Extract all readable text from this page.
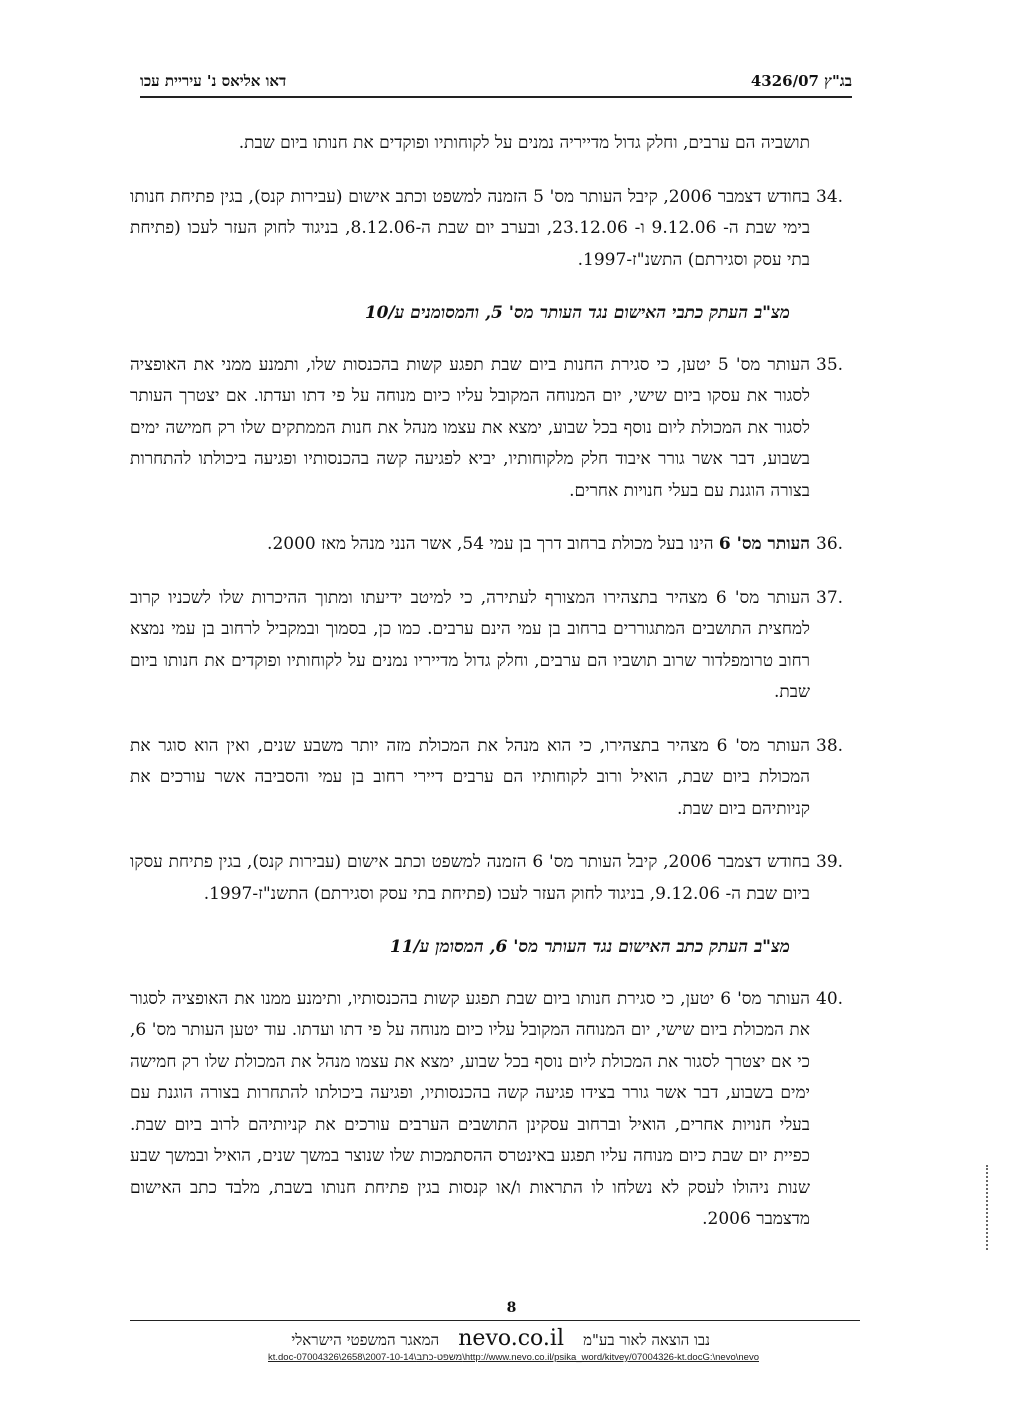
דאו אליאס נ' עיריית עכו	בג"ץ 4326/07

תושביה הם ערבים, וחלק גדול מדייריה נמנים על לקוחותיו ופוקדים את חנותו ביום שבת.

34.
בחודש דצמבר 2006, קיבל העותר מס' 5 הזמנה למשפט וכתב אישום (עבירות קנס), בגין פתיחת חנותו בימי שבת ה- 9.12.06 ו- 23.12.06, ובערב יום שבת ה-8.12.06, בניגוד לחוק העזר לעכו (פתיחת בתי עסק וסגירתם) התשנ"ז-1997.

מצ"ב העתק כתבי האישום נגד העותר מס' 5, והמסומנים ע/10

35.
העותר מס' 5 יטען, כי סגירת החנות ביום שבת תפגע קשות בהכנסות שלו, ותמנע ממני את האופציה לסגור את עסקו ביום שישי, יום המנוחה המקובל עליו כיום מנוחה על פי דתו ועדתו. אם יצטרך העותר לסגור את המכולת ליום נוסף בכל שבוע, ימצא את עצמו מנהל את חנות הממתקים שלו רק חמישה ימים בשבוע, דבר אשר גורר איבוד חלק מלקוחותיו, יביא לפגיעה קשה בהכנסותיו ופגיעה ביכולתו להתחרות בצורה הוגנת עם בעלי חנויות אחרים.
36.
העותר מס' 6 הינו בעל מכולת ברחוב דרך בן עמי 54, אשר הנני מנהל מאז 2000.
37.
העותר מס' 6 מצהיר בתצהירו המצורף לעתירה, כי למיטב ידיעתו ומתוך ההיכרות שלו לשכניו קרוב למחצית התושבים המתגוררים ברחוב בן עמי הינם ערבים. כמו כן, בסמוך ובמקביל לרחוב בן עמי נמצא רחוב טרומפלדור שרוב תושביו הם ערבים, וחלק גדול מדייריו נמנים על לקוחותיו ופוקדים את חנותו ביום שבת.
38.
העותר מס' 6 מצהיר בתצהירו, כי הוא מנהל את המכולת מזה יותר משבע שנים, ואין הוא סוגר את המכולת ביום שבת, הואיל ורוב לקוחותיו הם ערבים דיירי רחוב בן עמי והסביבה אשר עורכים את קניותיהם ביום שבת.
39.
בחודש דצמבר 2006, קיבל העותר מס' 6 הזמנה למשפט וכתב אישום (עבירות קנס), בגין פתיחת עסקו ביום שבת ה- 9.12.06, בניגוד לחוק העזר לעכו (פתיחת בתי עסק וסגירתם) התשנ"ז-1997.

מצ"ב העתק כתב האישום נגד העותר מס' 6, המסומן ע/11

40.
העותר מס' 6 יטען, כי סגירת חנותו ביום שבת תפגע קשות בהכנסותיו, ותימנע ממנו את האופציה לסגור את המכולת ביום שישי, יום המנוחה המקובל עליו כיום מנוחה על פי דתו ועדתו. עוד יטען העותר מס' 6, כי אם יצטרך לסגור את המכולת ליום נוסף בכל שבוע, ימצא את עצמו מנהל את המכולת שלו רק חמישה ימים בשבוע, דבר אשר גורר בצידו פגיעה קשה בהכנסותיו, ופגיעה ביכולתו להתחרות בצורה הוגנת עם בעלי חנויות אחרים, הואיל וברחוב עסקינן התושבים הערבים עורכים את קניותיהם לרוב ביום שבת. כפיית יום שבת כיום מנוחה עליו תפגע באינטרס ההסתמכות שלו שנוצר במשך שנים, הואיל ובמשך שבע שנות ניהולו לעסק לא נשלחו לו התראות ו/או קנסות בגין פתיחת חנותו בשבת, מלבד כתב האישום מדצמבר 2006.
8
נבו הוצאה לאור בע"מ    nevo.co.il    המאגר המשפטי הישראלי
kt.doc-07004326\2658\2007-10-14\משפט-כתב\http://www.nevo.co.il/psika_word/kitvey/07004326-kt.docG:\nevo\nevo
